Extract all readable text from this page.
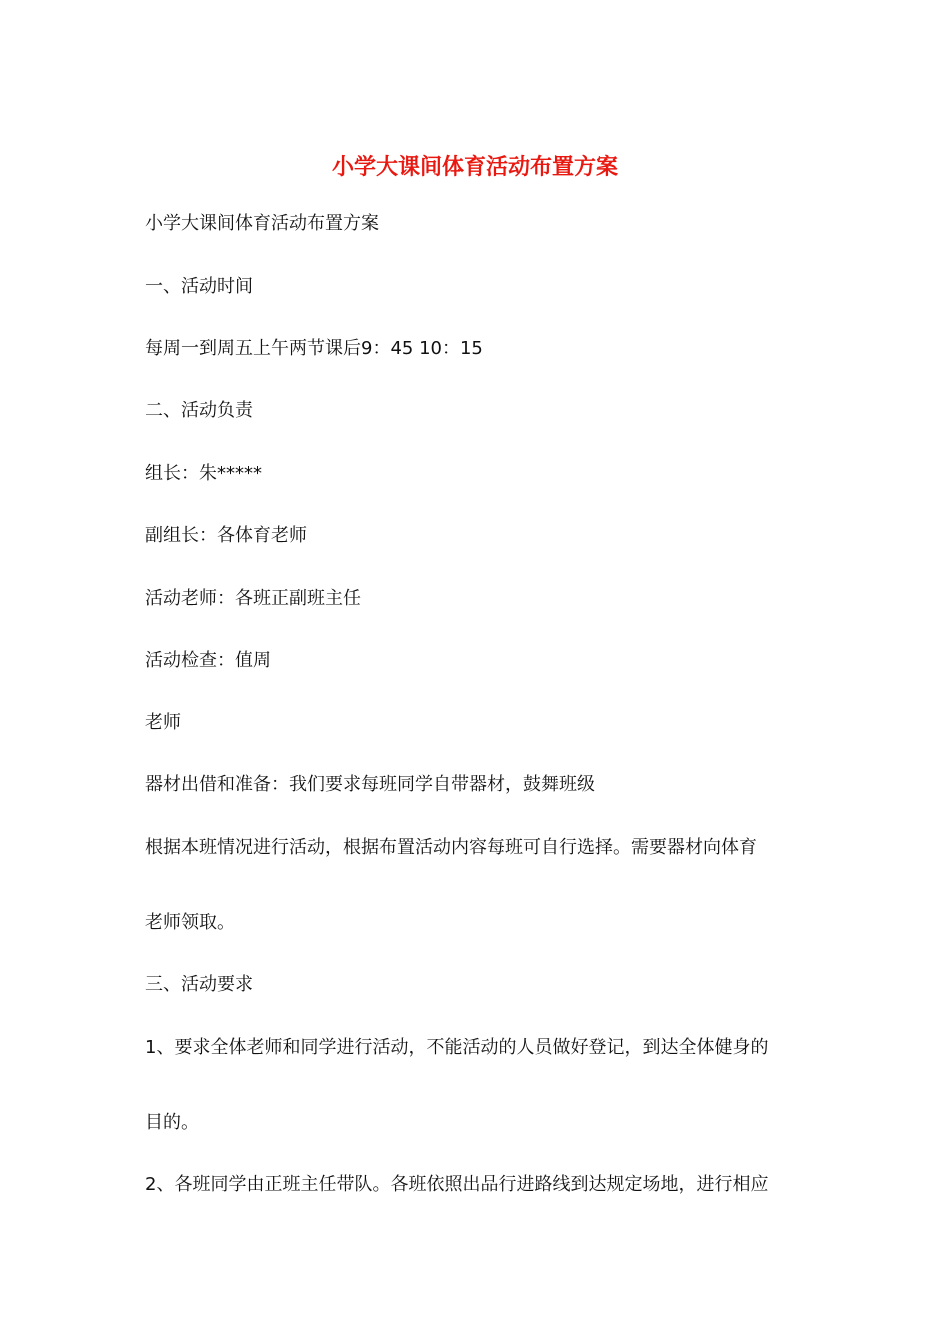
小学大课间体育活动布置方案
小学大课间体育活动布置方案
一、活动时间
每周一到周五上午两节课后9：45 10：15
二、活动负责
组长：朱*****
副组长：各体育老师
活动老师：各班正副班主任
活动检查：值周
老师
器材出借和准备：我们要求每班同学自带器材，鼓舞班级
根据本班情况进行活动，根据布置活动内容每班可自行选择。需要器材向体育
老师领取。
三、活动要求
1、要求全体老师和同学进行活动，不能活动的人员做好登记，到达全体健身的
目的。
2、各班同学由正班主任带队。各班依照出品行进路线到达规定场地，进行相应
